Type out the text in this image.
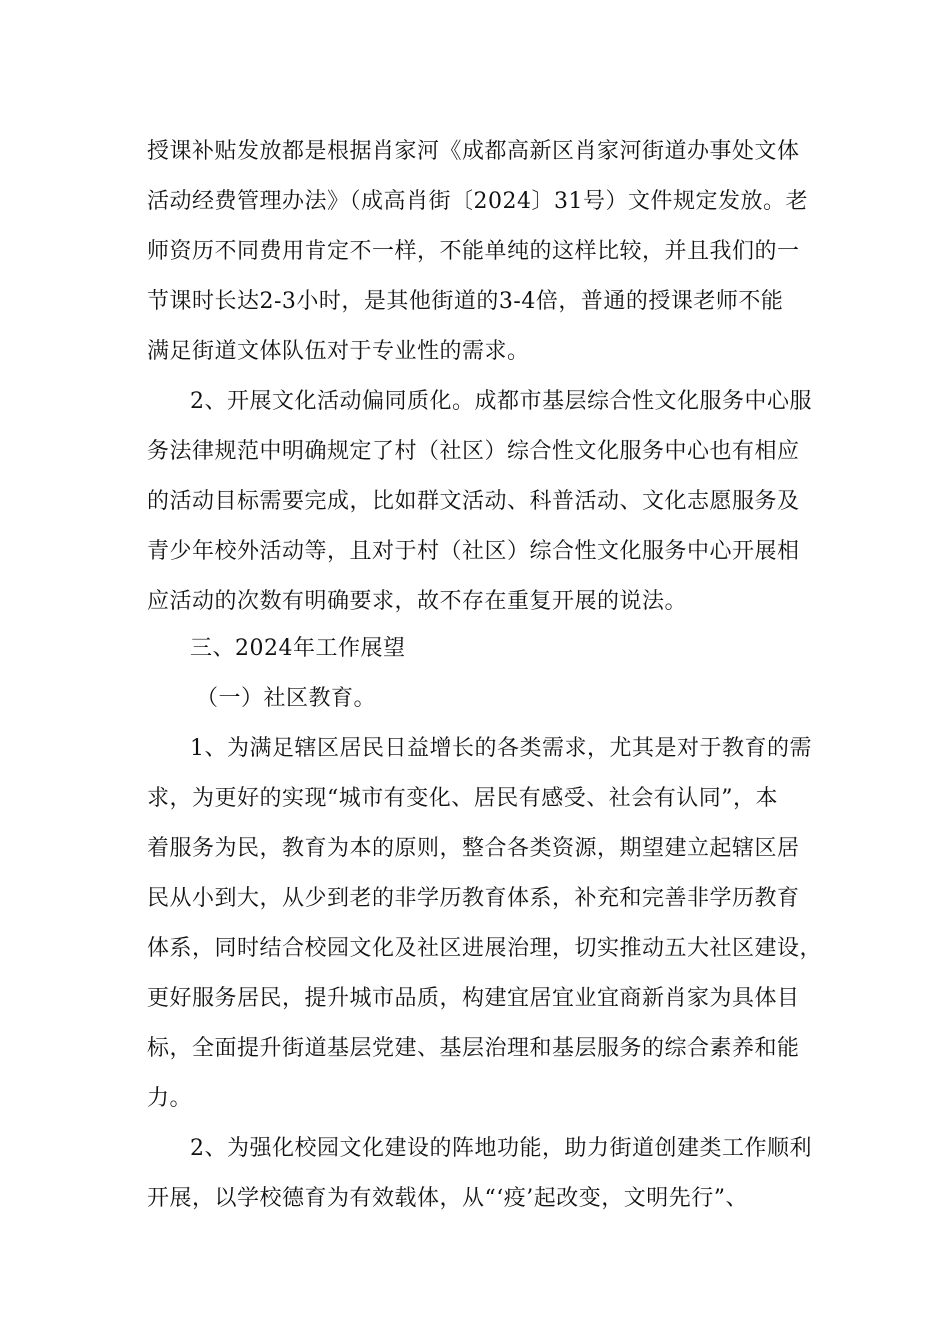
授课补贴发放都是根据肖家河《成都高新区肖家河街道办事处文体
活动经费管理办法》（成高肖街〔2024〕31号）文件规定发放。老
师资历不同费用肯定不一样，不能单纯的这样比较，并且我们的一
节课时长达2-3小时，是其他街道的3-4倍，普通的授课老师不能
满足街道文体队伍对于专业性的需求。
2、开展文化活动偏同质化。成都市基层综合性文化服务中心服
务法律规范中明确规定了村（社区）综合性文化服务中心也有相应
的活动目标需要完成，比如群文活动、科普活动、文化志愿服务及
青少年校外活动等，且对于村（社区）综合性文化服务中心开展相
应活动的次数有明确要求，故不存在重复开展的说法。
三、2024年工作展望
（一）社区教育。
1、为满足辖区居民日益增长的各类需求，尤其是对于教育的需
求，为更好的实现“城市有变化、居民有感受、社会有认同”，本
着服务为民，教育为本的原则，整合各类资源，期望建立起辖区居
民从小到大，从少到老的非学历教育体系，补充和完善非学历教育
体系，同时结合校园文化及社区进展治理，切实推动五大社区建设，
更好服务居民，提升城市品质，构建宜居宜业宜商新肖家为具体目
标，全面提升街道基层党建、基层治理和基层服务的综合素养和能
力。
2、为强化校园文化建设的阵地功能，助力街道创建类工作顺利
开展，以学校德育为有效载体，从“‘疫’起改变，文明先行”、
